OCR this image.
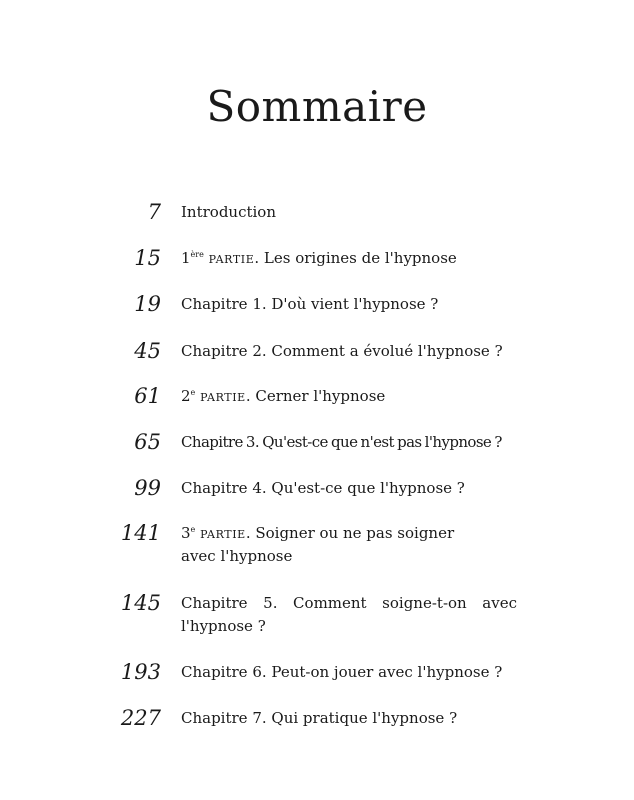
Sommaire
7 Introduction
15 1ère partie. Les origines de l'hypnose
19 Chapitre 1. D'où vient l'hypnose ?
45 Chapitre 2. Comment a évolué l'hypnose ?
61 2e partie. Cerner l'hypnose
65 Chapitre 3. Qu'est-ce que n'est pas l'hypnose ?
99 Chapitre 4. Qu'est-ce que l'hypnose ?
141 3e partie. Soigner ou ne pas soigner
avec l'hypnose
145 Chapitre 5. Comment soigne-t-on avec l'hypnose ?
193 Chapitre 6. Peut-on jouer avec l'hypnose ?
227 Chapitre 7. Qui pratique l'hypnose ?
